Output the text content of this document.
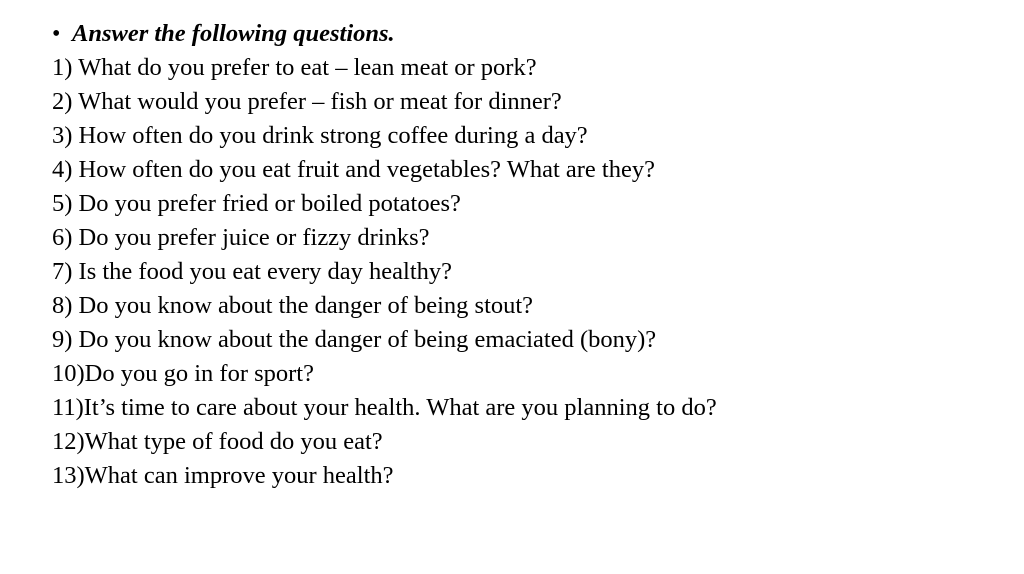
• Answer the following questions.
1) What do you prefer to eat – lean meat or pork?
2) What would you prefer – fish or meat for dinner?
3) How often do you drink strong coffee during a day?
4) How often do you eat fruit and vegetables? What are they?
5) Do you prefer fried or boiled potatoes?
6) Do you prefer juice or fizzy drinks?
7) Is the food you eat every day healthy?
8) Do you know about the danger of being stout?
9) Do you know about the danger of being emaciated (bony)?
10)Do you go in for sport?
11)It’s time to care about your health. What are you planning to do?
12)What type of food do you eat?
13)What can improve your health?
